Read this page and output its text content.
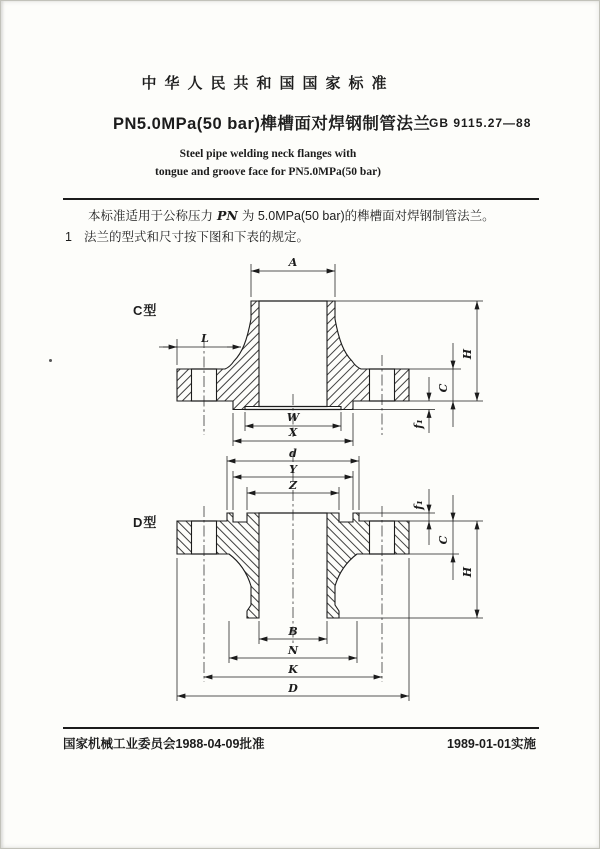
中华人民共和国国家标准
PN5.0MPa(50 bar)榫槽面对焊钢制管法兰
GB 9115.27—88
Steel pipe welding neck flanges with
tongue and groove face for PN5.0MPa(50 bar)
本标准适用于公称压力 PN 为 5.0MPa(50 bar)的榫槽面对焊钢制管法兰。
1 法兰的型式和尺寸按下图和下表的规定。
C型
D型
A
L
H
C
f₁
W
X
d
Y
Z
f₁
C
H
B
N
K
D
国家机械工业委员会1988-04-09批准	1989-01-01实施
